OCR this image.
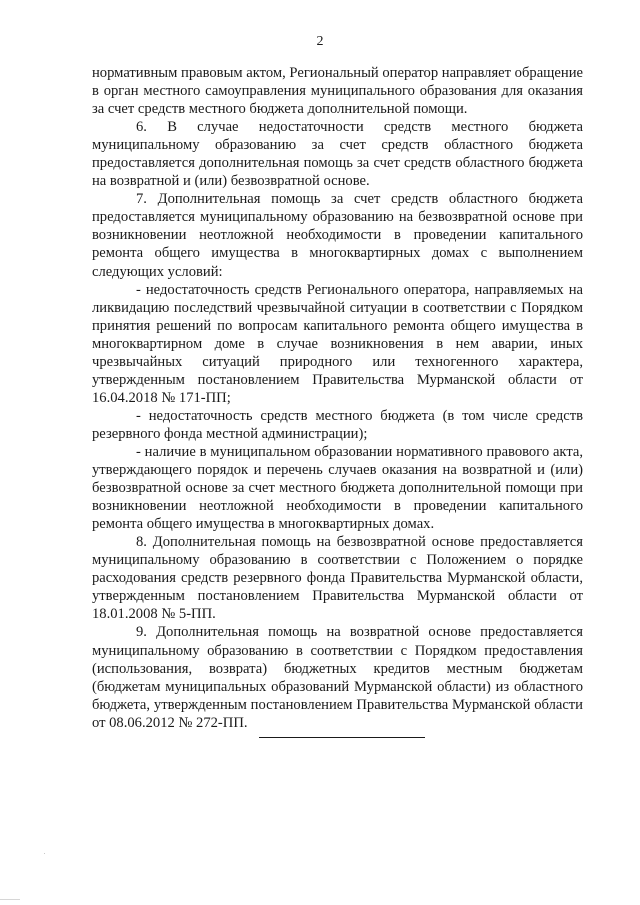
2

нормативным правовым актом, Региональный оператор направляет обращение в орган местного самоуправления муниципального образования для оказания за счет средств местного бюджета дополнительной помощи.

6. В случае недостаточности средств местного бюджета муниципальному образованию за счет средств областного бюджета предоставляется дополнительная помощь за счет средств областного бюджета на возвратной и (или) безвозвратной основе.

7. Дополнительная помощь за счет средств областного бюджета предоставляется муниципальному образованию на безвозвратной основе при возникновении неотложной необходимости в проведении капитального ремонта общего имущества в многоквартирных домах с выполнением следующих условий:

- недостаточность средств Регионального оператора, направляемых на ликвидацию последствий чрезвычайной ситуации в соответствии с Порядком принятия решений по вопросам капитального ремонта общего имущества в многоквартирном доме в случае возникновения в нем аварии, иных чрезвычайных ситуаций природного или техногенного характера, утвержденным постановлением Правительства Мурманской области от 16.04.2018 № 171-ПП;

- недостаточность средств местного бюджета (в том числе средств резервного фонда местной администрации);

- наличие в муниципальном образовании нормативного правового акта, утверждающего порядок и перечень случаев оказания на возвратной и (или) безвозвратной основе за счет местного бюджета дополнительной помощи при возникновении неотложной необходимости в проведении капитального ремонта общего имущества в многоквартирных домах.

8. Дополнительная помощь на безвозвратной основе предоставляется муниципальному образованию в соответствии с Положением о порядке расходования средств резервного фонда Правительства Мурманской области, утвержденным постановлением Правительства Мурманской области от 18.01.2008 № 5-ПП.

9. Дополнительная помощь на возвратной основе предоставляется муниципальному образованию в соответствии с Порядком предоставления (использования, возврата) бюджетных кредитов местным бюджетам (бюджетам муниципальных образований Мурманской области) из областного бюджета, утвержденным постановлением Правительства Мурманской области от 08.06.2012 № 272-ПП.
